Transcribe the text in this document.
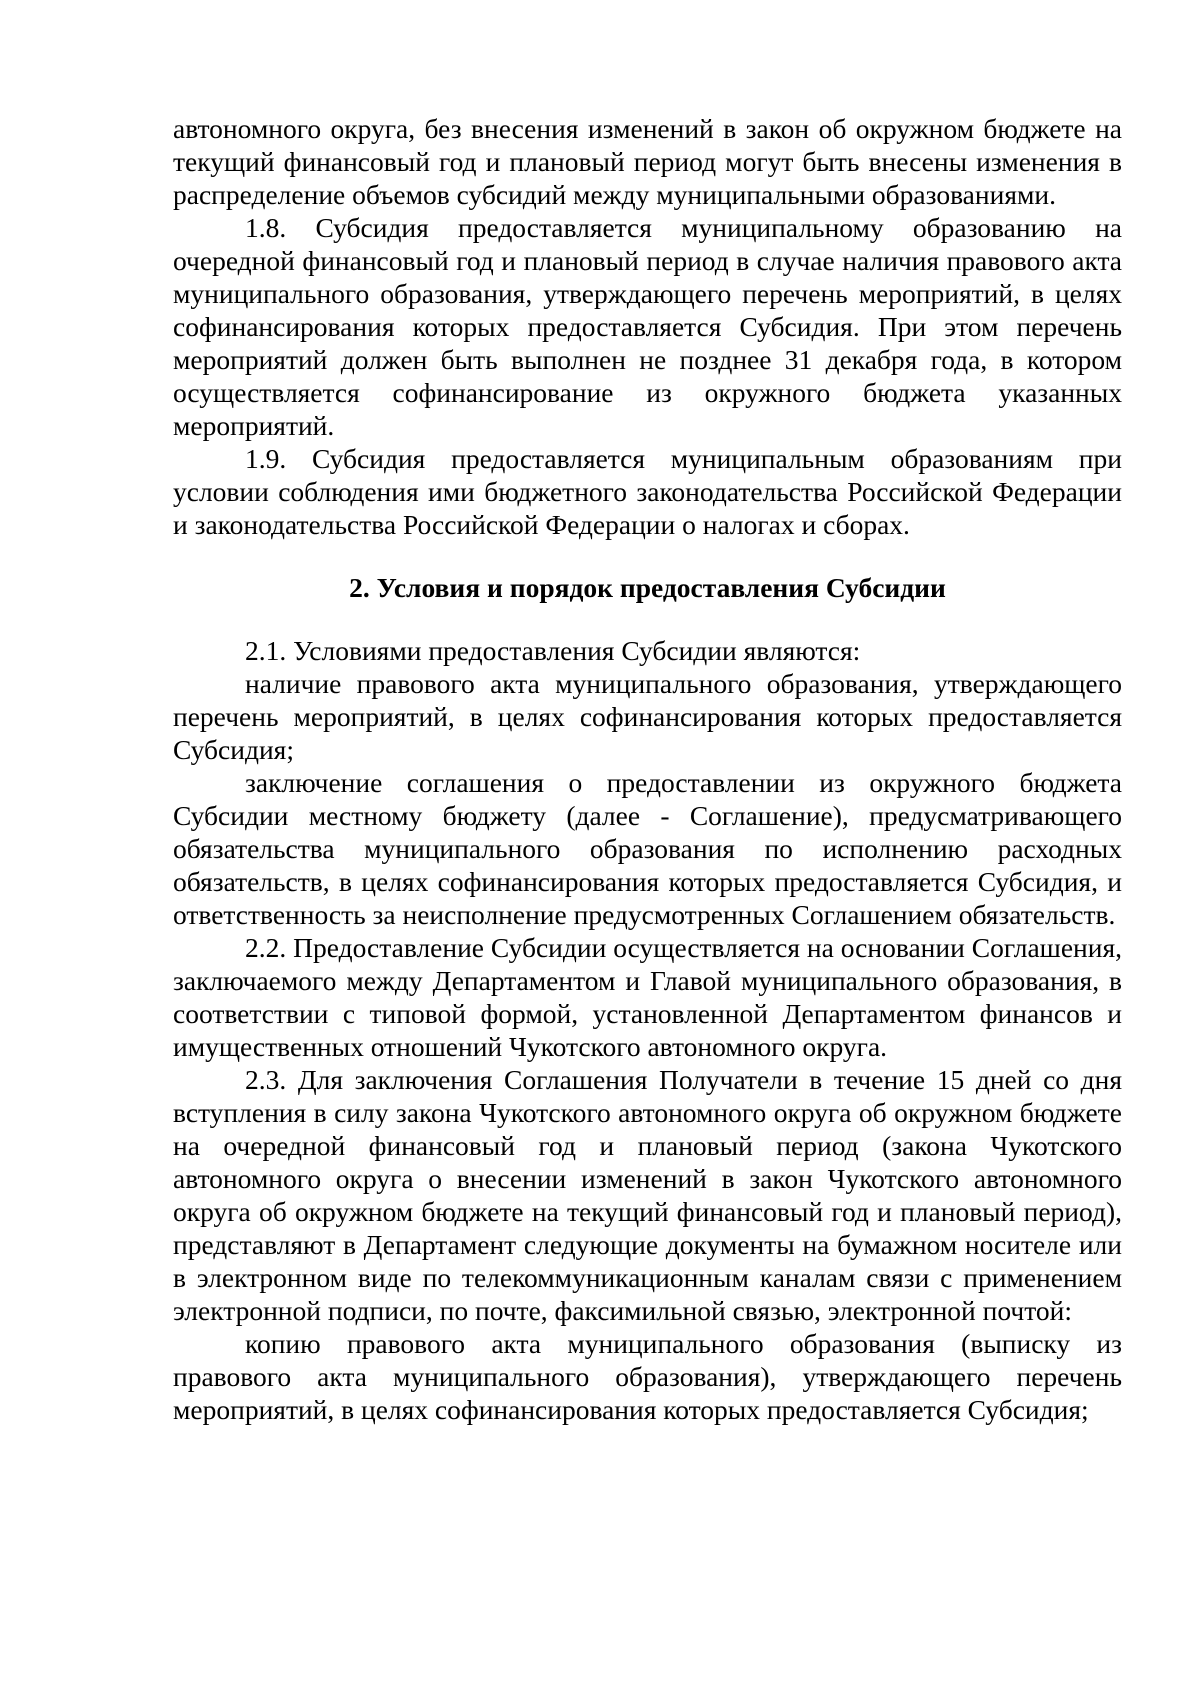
автономного округа, без внесения изменений в закон об окружном бюджете на текущий финансовый год и плановый период могут быть внесены изменения в распределение объемов субсидий между муниципальными образованиями.

1.8. Субсидия предоставляется муниципальному образованию на очередной финансовый год и плановый период в случае наличия правового акта муниципального образования, утверждающего перечень мероприятий, в целях софинансирования которых предоставляется Субсидия. При этом перечень мероприятий должен быть выполнен не позднее 31 декабря года, в котором осуществляется софинансирование из окружного бюджета указанных мероприятий.

1.9. Субсидия предоставляется муниципальным образованиям при условии соблюдения ими бюджетного законодательства Российской Федерации и законодательства Российской Федерации о налогах и сборах.

2. Условия и порядок предоставления Субсидии

2.1. Условиями предоставления Субсидии являются:

наличие правового акта муниципального образования, утверждающего перечень мероприятий, в целях софинансирования которых предоставляется Субсидия;

заключение соглашения о предоставлении из окружного бюджета Субсидии местному бюджету (далее - Соглашение), предусматривающего обязательства муниципального образования по исполнению расходных обязательств, в целях софинансирования которых предоставляется Субсидия, и ответственность за неисполнение предусмотренных Соглашением обязательств.

2.2. Предоставление Субсидии осуществляется на основании Соглашения, заключаемого между Департаментом и Главой муниципального образования, в соответствии с типовой формой, установленной Департаментом финансов и имущественных отношений Чукотского автономного округа.

2.3. Для заключения Соглашения Получатели в течение 15 дней со дня вступления в силу закона Чукотского автономного округа об окружном бюджете на очередной финансовый год и плановый период (закона Чукотского автономного округа о внесении изменений в закон Чукотского автономного округа об окружном бюджете на текущий финансовый год и плановый период), представляют в Департамент следующие документы на бумажном носителе или в электронном виде по телекоммуникационным каналам связи с применением электронной подписи, по почте, факсимильной связью, электронной почтой:

копию правового акта муниципального образования (выписку из правового акта муниципального образования), утверждающего перечень мероприятий, в целях софинансирования которых предоставляется Субсидия;
